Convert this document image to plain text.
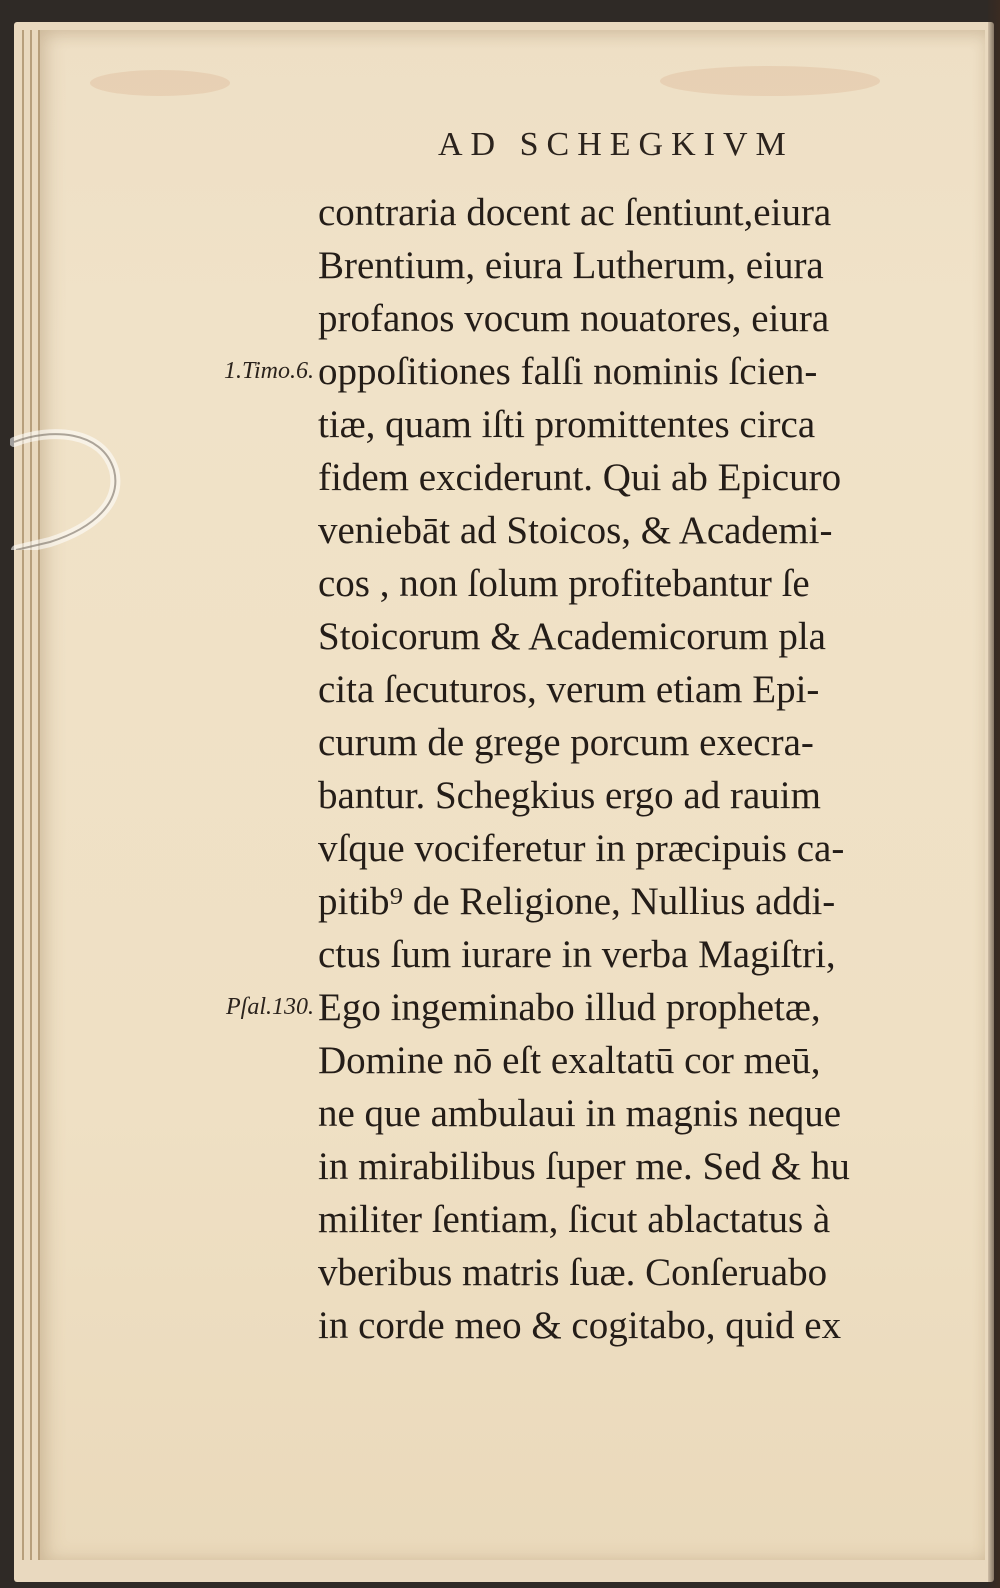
AD SCHEGKIVM
contraria docent ac ſentiunt,eiura
Brentium, eiura Lutherum, eiura
profanos vocum nouatores, eiura
1.Timo.6. oppoſitiones falſi nominis ſcien-
tiæ, quam iſti promittentes circa
fidem exciderunt. Qui ab Epicuro
veniebāt ad Stoicos, & Academi-
cos , non ſolum profitebantur ſe
Stoicorum & Academicorum pla
cita ſecuturos, verum etiam Epi-
curum de grege porcum execra-
bantur. Schegkius ergo ad rauim
vſque vociferetur in præcipuis ca-
pitib⁹ de Religione, Nullius addi-
ctus ſum iurare in verba Magiſtri,
Pſal.130. Ego ingeminabo illud prophetæ,
Domine nō eſt exaltatū cor meū,
ne que ambulaui in magnis neque
in mirabilibus ſuper me. Sed & hu
militer ſentiam, ſicut ablactatus à
vberibus matris ſuæ. Conſeruabo
in corde meo & cogitabo, quid ex
